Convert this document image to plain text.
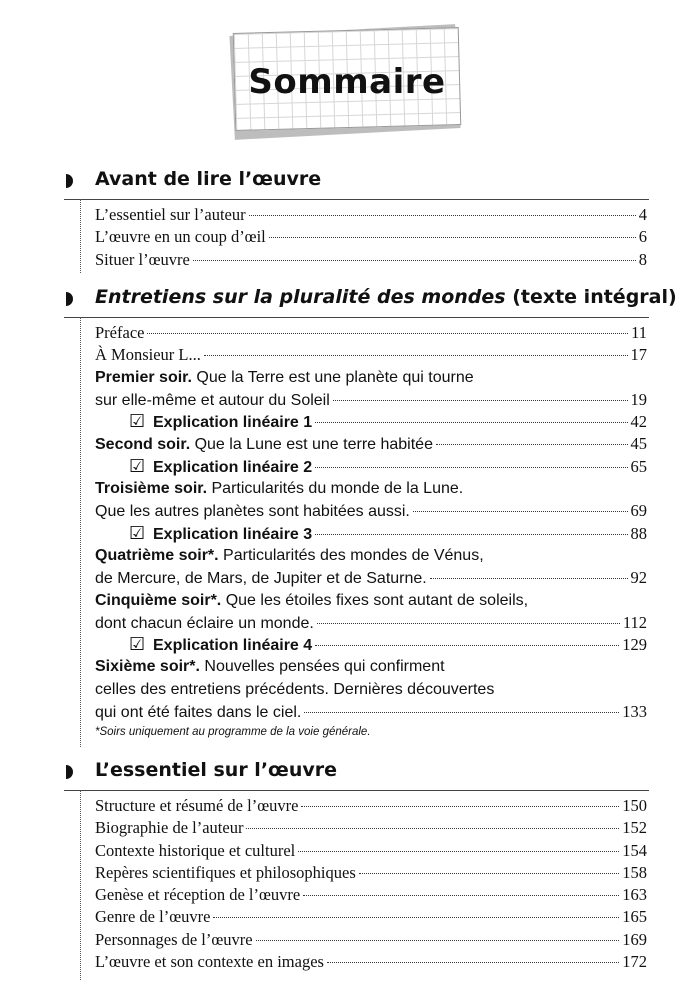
Sommaire
Avant de lire l’œuvre
L’essentiel sur l’auteur	4
L’œuvre en un coup d’œil	6
Situer l’œuvre	8
Entretiens sur la pluralité des mondes (texte intégral)
Préface	11
À Monsieur L...	17
Premier soir. Que la Terre est une planète qui tourne
sur elle-même et autour du Soleil	19
☑ Explication linéaire 1	42
Second soir. Que la Lune est une terre habitée	45
☑ Explication linéaire 2	65
Troisième soir. Particularités du monde de la Lune.
Que les autres planètes sont habitées aussi.	69
☑ Explication linéaire 3	88
Quatrième soir*. Particularités des mondes de Vénus,
de Mercure, de Mars, de Jupiter et de Saturne.	92
Cinquième soir*. Que les étoiles fixes sont autant de soleils,
dont chacun éclaire un monde.	112
☑ Explication linéaire 4	129
Sixième soir*. Nouvelles pensées qui confirment
celles des entretiens précédents. Dernières découvertes
qui ont été faites dans le ciel.	133
*Soirs uniquement au programme de la voie générale.
L’essentiel sur l’œuvre
Structure et résumé de l’œuvre	150
Biographie de l’auteur	152
Contexte historique et culturel	154
Repères scientifiques et philosophiques	158
Genèse et réception de l’œuvre	163
Genre de l’œuvre	165
Personnages de l’œuvre	169
L’œuvre et son contexte en images	172
